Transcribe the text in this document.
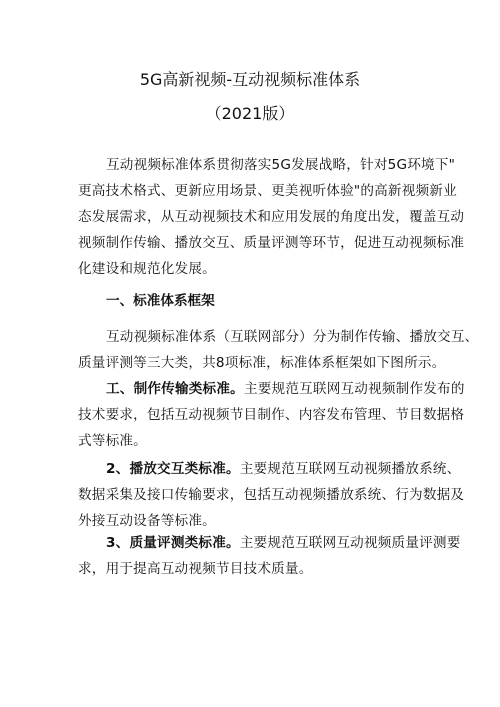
5G高新视频-互动视频标准体系
（2021版）
互动视频标准体系贯彻落实5G发展战略，针对5G环境下"
更高技术格式、更新应用场景、更美视听体验"的高新视频新业
态发展需求，从互动视频技术和应用发展的角度出发，覆盖互动
视频制作传输、播放交互、质量评测等环节，促进互动视频标准
化建设和规范化发展。
一、标准体系框架
互动视频标准体系（互联网部分）分为制作传输、播放交互、
质量评测等三大类，共8项标准，标准体系框架如下图所示。
工、制作传输类标准。主要规范互联网互动视频制作发布的
技术要求，包括互动视频节目制作、内容发布管理、节目数据格
式等标准。
2、播放交互类标准。主要规范互联网互动视频播放系统、
数据采集及接口传输要求，包括互动视频播放系统、行为数据及
外接互动设备等标准。
3、质量评测类标准。主要规范互联网互动视频质量评测要
求，用于提高互动视频节目技术质量。
